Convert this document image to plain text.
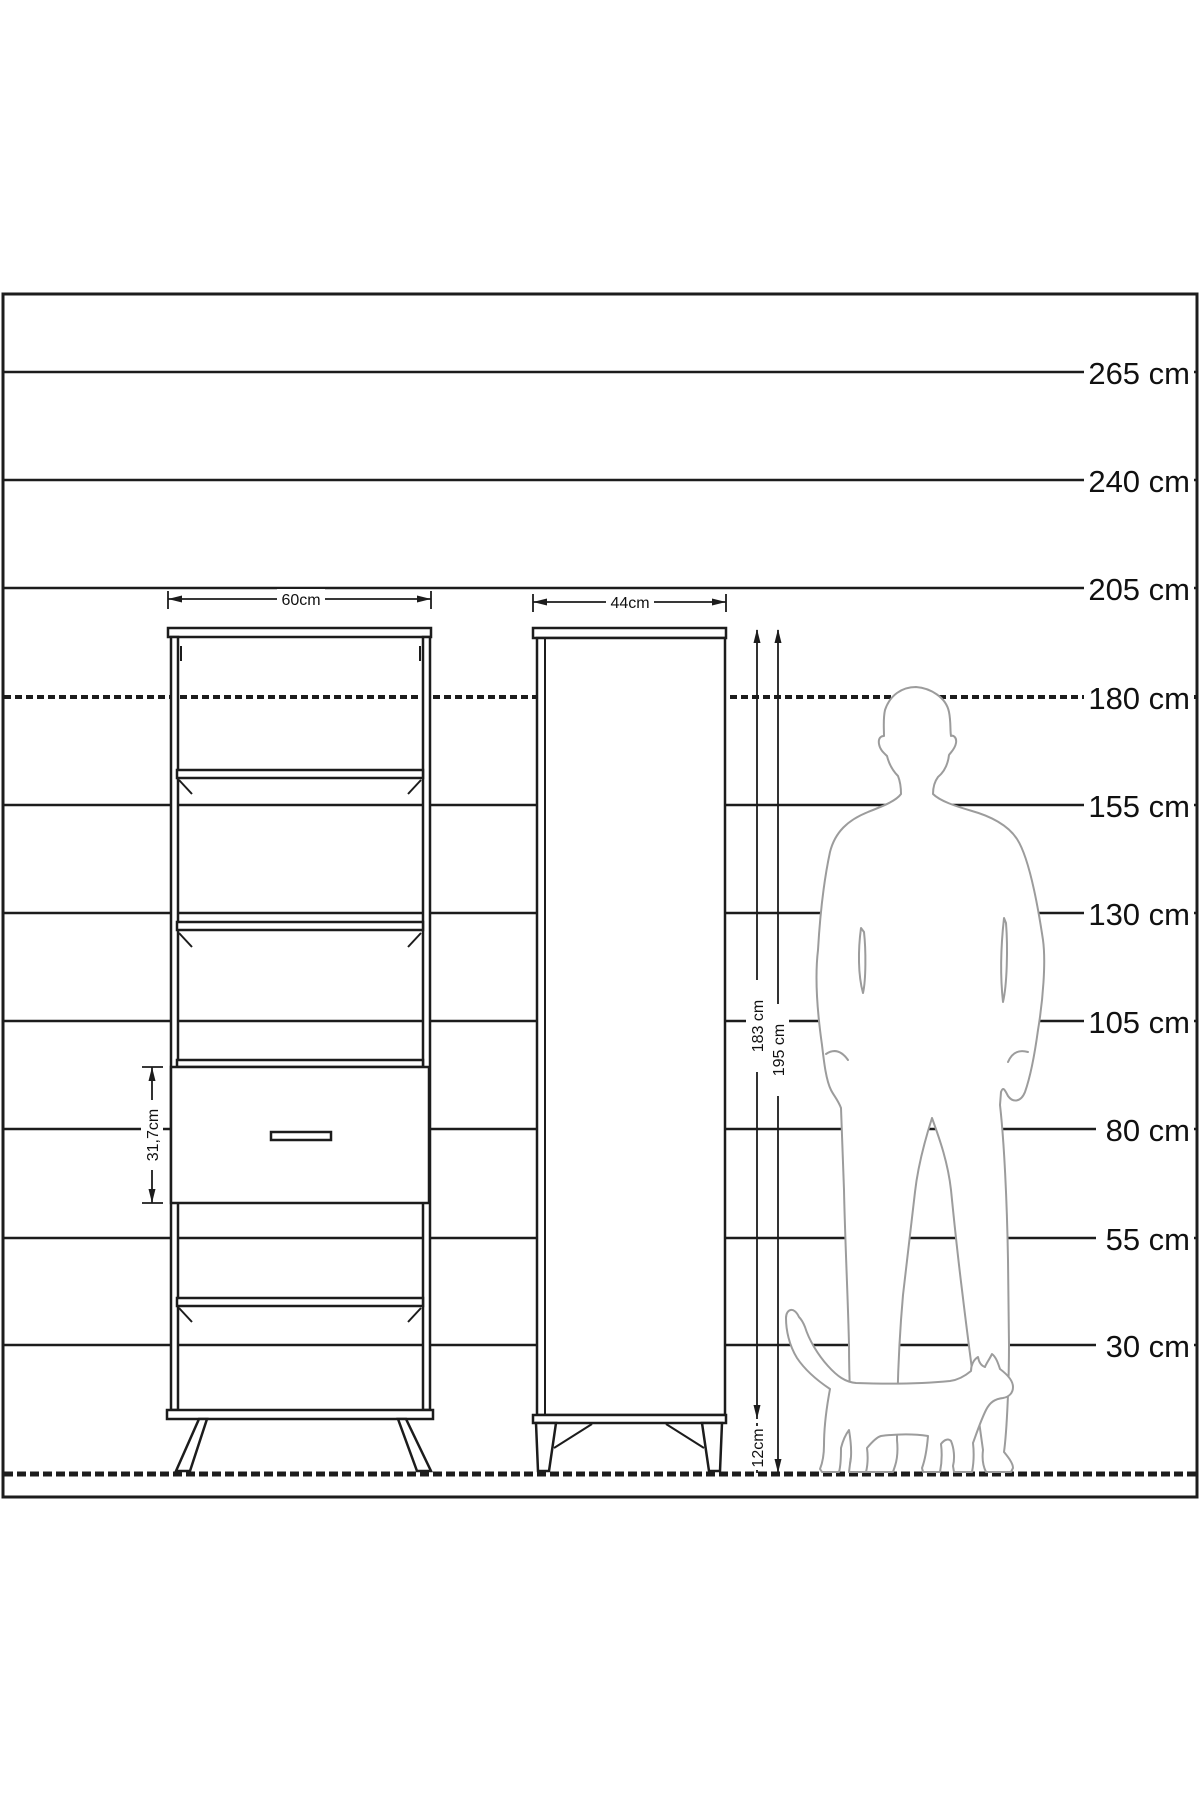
60cm	44cm
31,7cm
183 cm 195 cm
12cm
265 cm
240 cm
205 cm
180 cm
155 cm
130 cm
105 cm
80 cm
55 cm
30 cm
